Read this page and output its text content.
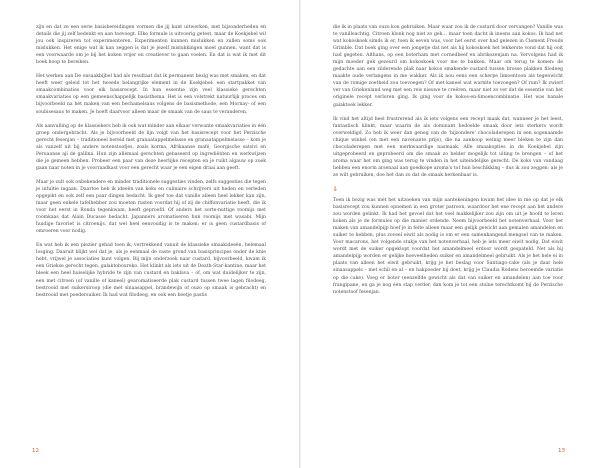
zijn en dat ze een serie basisbereidingen vormen die jij kunt uitwerken, met bijzonderheden en details die jij zelf bedenkt en aan toevoegt. Elke formule is uitvoerig getest, maar de Koekjebel wil jou ook inspireren tot experimenteren. Experimenten kunnen mislukken en zullen soms ook mislukken. Het enige wat ik kan zeggen is dat je jezelf mislukkingen moet gunnen, want dat is een voorwaarde om je bij het koken vrijer en creatiever te gaan voelen. En dat is wat ik met dit boek hoop te bereiken.

Het werken aan De onsaakbijbel had als resultaat dat ik permanent bezig was met smaken, en dat heeft weer geleid tot het tweede belangrijke element in de Koekjebel: een startpakket van smaakcombinaties voor elk basisrecept. In hun essentie zijn veel klassieke gerechten smaakvariaties op een gemeenschappelijk basisthema. Het is een volstrekt natuurlijk proces om bijvoorbeeld na het maken van een bechamelsaus volgens de basismethode, een Mornay- of een soubisesaus te maken. Je hoeft daarvoor alleen maar de smaak van de saus te veranderen.

Als aanvulling op de klassiekers heb ik ook wat minder aan elkaar verwante smaakvariaties in één groep ondergebracht. Als je bijvoorbeeld de lijn volgt van het basisrecept voor het Perzische gerecht fesenjan – traditioneel bereid met granaatappelmelasse en granaatappelmelasse – kom je als vanzelf uit bij andere notenstoofjes, zoals korma, Afrikaanse mafé, Georgische satsivi en Peruaanse ají de gallina. Hun zijn allemaal gerechten gebaseerd op ingrediënten en werkwijzen die je gemeen hebben. Probeer een paar van deze heerlijke recepten en je ruikt algauw op zoek gaan naar noten in je voorraadkast voor een gerecht waar je een eigen draai aan geeft.

Maar je zult ook onbekendere en minder traditionele suggesties vinden, zelfs suggesties die tegen je intuïtie ingaan. Daartoe heb ik ideeën van koks en culinaire schrijvers uit heden en verleden opgepikt en ook zelf een paar dingen bedacht. Ik geef toe dat vanille alleen heel lekker kan zijn, maar geen enkele tafelhebber zou moeten rusten voordat hij of zij de chiffonvariatie heeft, die ik voor het eerst in Ronda tegenkwam, heeft geproefd. Of anders het sorte-nuttige roomijs met roomkaas dat Alain Ducasse bedacht. Japanners aromatiseren hun roomijs met wasabi. Mijn huidige favoriet is citroenijs, dat wel heel eenvoudig is te maken: er is geen custardbasis of omroeren voor nodig.

En wat heb ik een plezier gehad toen ik, vertrekkend vanuit de klassieke smaakideeën, helemaal losging. Daaruit blijkt wel dat je, als je eenmaal de vaste grond van basisprincipes onder de knie hebt, vrijwel je associaties kunt volgen. Bij mijn onderzoek naar custard, bijvoorbeeld, kwam ik een Griekse gerecht tegen, galaktoboureko. Het klinkt als iets uit de Death-Star-kantine, maar het bleek een heel huiselijke hybride te zijn van custard en baklava – of, om wat duidelijker te zijn, een met citroen (of vanille of kaneel) gearomatiseerde plak custard tussen twee lagen filodeeg, bestrooid met suikersiroop (die met sinaasappel, brandewijn of ouzo op smaak is gebracht) en bestrooid met poedersuiker. Ik had wat filodeeg, en ook een beetje pastis

die ik in plaats van ouzo kon gebruiken. Maar waar zou ik de custard door vervangen? Vanille was te vanilleachtig. Citroen klonk nog niet zo gek… maar toen dacht ik ineens aan kokos. Ik had net wat kokoskoek simds ik er, toen ik eeven was, voor het eerst over had gelezen in Clement Freuds Grimble. Dat boek ging over een jongetje dat net als hij kokoskoek het lekkerste vond dat hij ooit had gegeten. Althans, op een boterham met cornedbeef en abrikozenjam na. Vervolgens had ik mijn moeder gek gezeurd om kokoskoek voor me te bakken. Maar om terug te komen: de gedachte aan een zilderende plak naar kokos smakende custard tussen brosse plakken filodeeg maakte oude verlangens in me wakker. Als ik nou eens een scherpe limoentoon als tegenwicht van de romige zoetheid zou toevoegen? Of met kaneel wat warmte toevoegen? Of rum? Ik zwierf ver van Griekenland weg met een reis nieuwe te creëren, maar niet zo ver dat de essentie van het originele recept verloren ging. Ik ging voor de kokos-en-limoencombinatie. Het was banale galaktoek lekker.

Ik vind het altijd heel frustrerend als ik iets volgens een recept maak dat, wanneer je het leest, fantastisch klinkt, maar waarin de als dominant bedoelde smaak door iets sterkers wordt overweldigd. Zo heb ik weer dan geneg van de 'bijzondere' chocoladerepen in een sogenaamde chique winkel (en met een navenante prijs), die na aankoop weinig meer bleken te zijn dan chocoladerepen met een merkwaardige nasmaak. Alle smaakopties in de Koekjebel zijn uitgeprobeerd en geprobeerd om die smaak zo helder mogelijk tot uiting te brengen – of het aroma waar het om ging was terug te vinden in het uiteindelijke gerecht. De koks van vandaag hebben een enorm arsenaal aan goedkope aroma's tot hun beschikking – dus ik zou zeggen: als je ze wilt gebruiken, doe het dan zo dat de smaak herkenbaar is.

⇩

Toen ik bezig was met het uitzoeken van mijn aantekeningen kwam het idee in me op dat je elk basisrecept zou kunnen opnemen in een groter patroon, waardoor het ene recept aan het andere zou worden gelinkt. Ik had het gevoel dat het veel makkelijker zou zijn om uit je hoofd te leren koken als je de formules op die manier ordende. Neem bijvoorbeeld het notenverhaal. Voor het maken van amandelpijp hoef je in feite alleen maar een gelijk gewicht aan gemalen amandelen en suiker te hebben, plus zoveel eiwit als nodig is om er een samenhangend mengsel van te maken. Voor macarons, het volgende stukje van het notenverhaal, heb je iets meer eiwit nodig. Dat eiwit wordt met de suiker opgeklopt voordat het amandelmeel erdoor wordt gespateld. Net als bij amandelpijp worden er gelijke hoeveelheden suiker en amandelmeel gebruikt. Als je het hele ei in plaats van alleen het eiwit gebruikt, krijg je het beslag voor Santiago-cake (als je daar hele sinaasappels – met schil en al – en bakpoeder bij doet, krijg je Claudia Rodens beroemde variatie op die cake). Voeg er boter (eenzelfde gewicht als dat van suiker en amandelen) aan toe voor frangipane, en ga je nog één stap verder, dan kom je tot een stoïne terechtkomt bij de Perzische notenstoof fesenjan.

12	13
